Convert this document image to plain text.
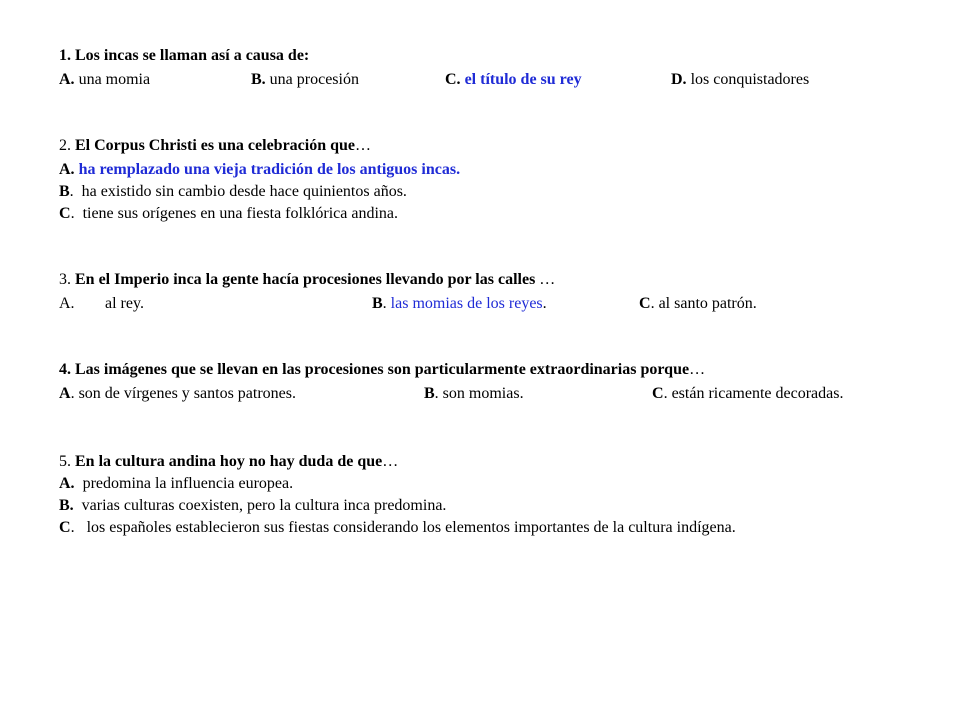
1. Los incas se llaman así a causa de:
A. una momia	B. una procesión	C. el título de su rey	D. los conquistadores
2. El Corpus Christi es una celebración que…
A. ha remplazado una vieja tradición de los antiguos incas.
B.  ha existido sin cambio desde hace quinientos años.
C.  tiene sus orígenes en una fiesta folklórica andina.
3. En el Imperio inca la gente hacía procesiones llevando por las calles …
A. al rey.	B. las momias de los reyes.	C. al santo patrón.
4. Las imágenes que se llevan en las procesiones son particularmente extraordinarias porque…
A. son de vírgenes y santos patrones.	B. son momias.	C. están ricamente decoradas.
5. En la cultura andina hoy no hay duda de que…
A. predomina la influencia europea.
B. varias culturas coexisten, pero la cultura inca predomina.
C.   los españoles establecieron sus fiestas considerando los elementos importantes de la cultura indígena.
